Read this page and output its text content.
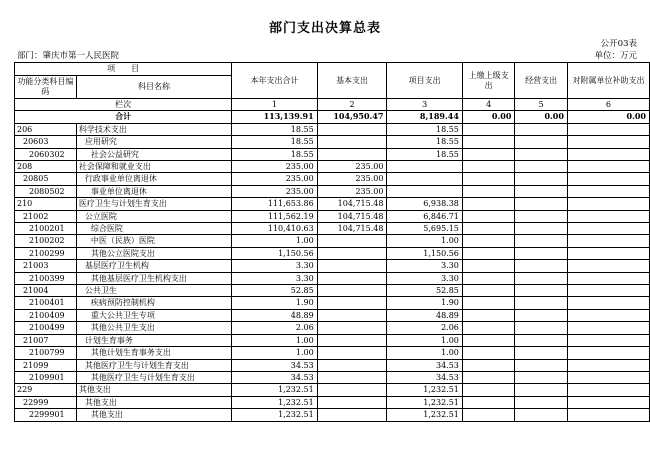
部门支出决算总表
公开03表
部门：肇庆市第一人民医院	单位：万元
项　　目		本年支出合计	基本支出	项目支出	上缴上级支出	经营支出	对附属单位补助支出
功能分类科目编码	科目名称						
栏次		1	2	3	4	5	6
合计		113,139.91	104,950.47	8,189.44	0.00	0.00	0.00
206	科学技术支出	18.55		18.55			
20603	应用研究	18.55		18.55			
2060302	社会公益研究	18.55		18.55			
208	社会保障和就业支出	235.00	235.00				
20805	行政事业单位离退休	235.00	235.00				
2080502	事业单位离退休	235.00	235.00				
210	医疗卫生与计划生育支出	111,653.86	104,715.48	6,938.38			
21002	公立医院	111,562.19	104,715.48	6,846.71			
2100201	综合医院	110,410.63	104,715.48	5,695.15			
2100202	中医（民族）医院	1.00		1.00			
2100299	其他公立医院支出	1,150.56		1,150.56			
21003	基层医疗卫生机构	3.30		3.30			
2100399	其他基层医疗卫生机构支出	3.30		3.30			
21004	公共卫生	52.85		52.85			
2100401	疾病预防控制机构	1.90		1.90			
2100409	重大公共卫生专项	48.89		48.89			
2100499	其他公共卫生支出	2.06		2.06			
21007	计划生育事务	1.00		1.00			
2100799	其他计划生育事务支出	1.00		1.00			
21099	其他医疗卫生与计划生育支出	34.53		34.53			
2109901	其他医疗卫生与计划生育支出	34.53		34.53			
229	其他支出	1,232.51		1,232.51			
22999	其他支出	1,232.51		1,232.51			
2299901	其他支出	1,232.51		1,232.51			
